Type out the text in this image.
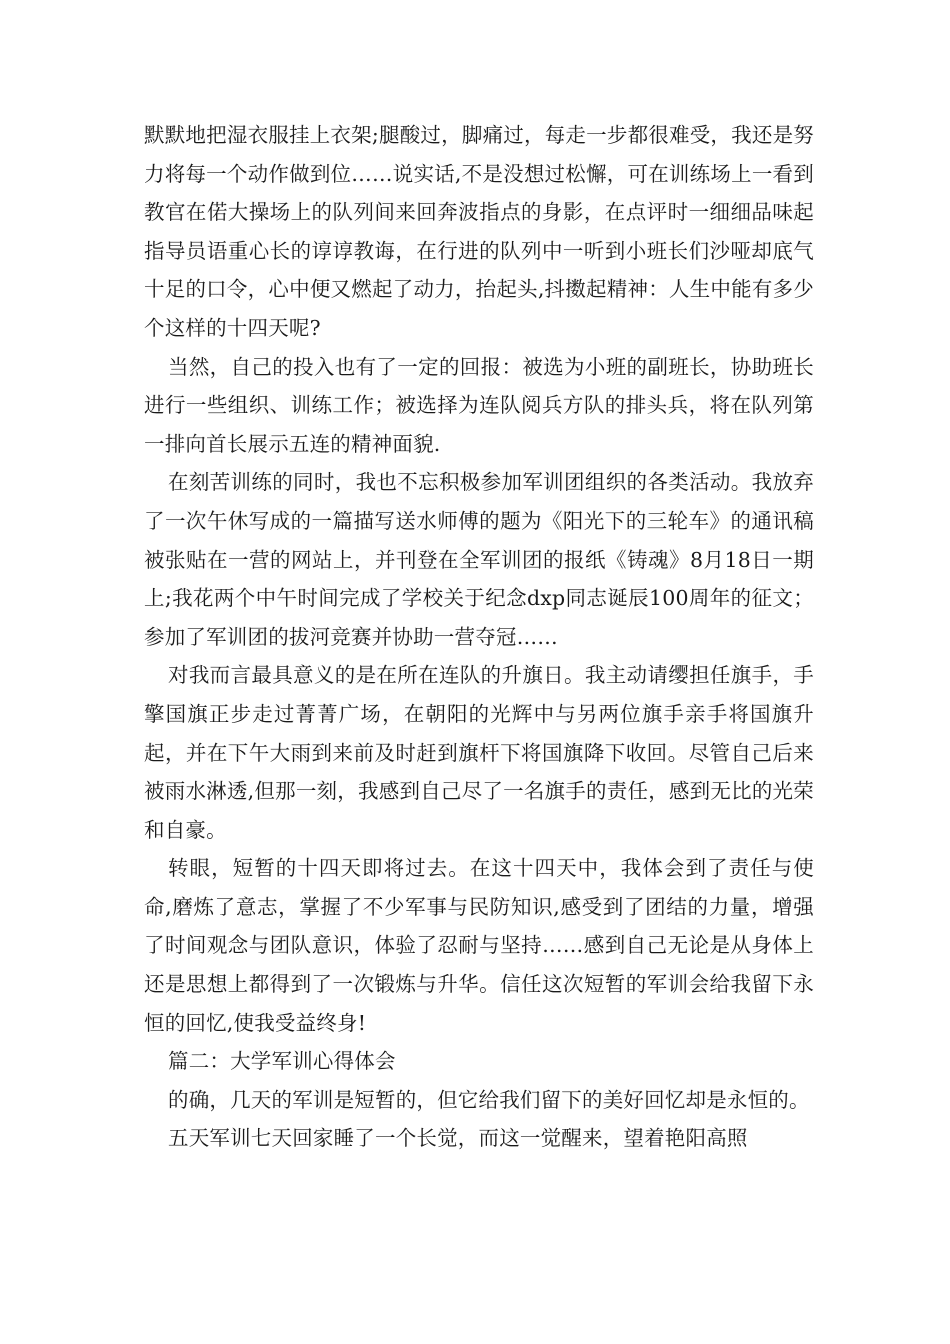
默默地把湿衣服挂上衣架;腿酸过，脚痛过，每走一步都很难受，我还是努力将每一个动作做到位……说实话,不是没想过松懈，可在训练场上一看到教官在偌大操场上的队列间来回奔波指点的身影，在点评时一细细品味起指导员语重心长的谆谆教诲，在行进的队列中一听到小班长们沙哑却底气十足的口令，心中便又燃起了动力，抬起头,抖擞起精神：人生中能有多少个这样的十四天呢?

当然，自己的投入也有了一定的回报：被选为小班的副班长，协助班长进行一些组织、训练工作；被选择为连队阅兵方队的排头兵，将在队列第一排向首长展示五连的精神面貌.

在刻苦训练的同时，我也不忘积极参加军训团组织的各类活动。我放弃了一次午休写成的一篇描写送水师傅的题为《阳光下的三轮车》的通讯稿被张贴在一营的网站上，并刊登在全军训团的报纸《铸魂》8月18日一期上;我花两个中午时间完成了学校关于纪念dxp同志诞辰100周年的征文；参加了军训团的拔河竞赛并协助一营夺冠……

对我而言最具意义的是在所在连队的升旗日。我主动请缨担任旗手，手擎国旗正步走过菁菁广场，在朝阳的光辉中与另两位旗手亲手将国旗升起，并在下午大雨到来前及时赶到旗杆下将国旗降下收回。尽管自己后来被雨水淋透,但那一刻，我感到自己尽了一名旗手的责任，感到无比的光荣和自豪。

转眼，短暂的十四天即将过去。在这十四天中，我体会到了责任与使命,磨炼了意志，掌握了不少军事与民防知识,感受到了团结的力量，增强了时间观念与团队意识，体验了忍耐与坚持……感到自己无论是从身体上还是思想上都得到了一次锻炼与升华。信任这次短暂的军训会给我留下永恒的回忆,使我受益终身!

篇二：大学军训心得体会

的确，几天的军训是短暂的，但它给我们留下的美好回忆却是永恒的。

五天军训七天回家睡了一个长觉，而这一觉醒来，望着艳阳高照
